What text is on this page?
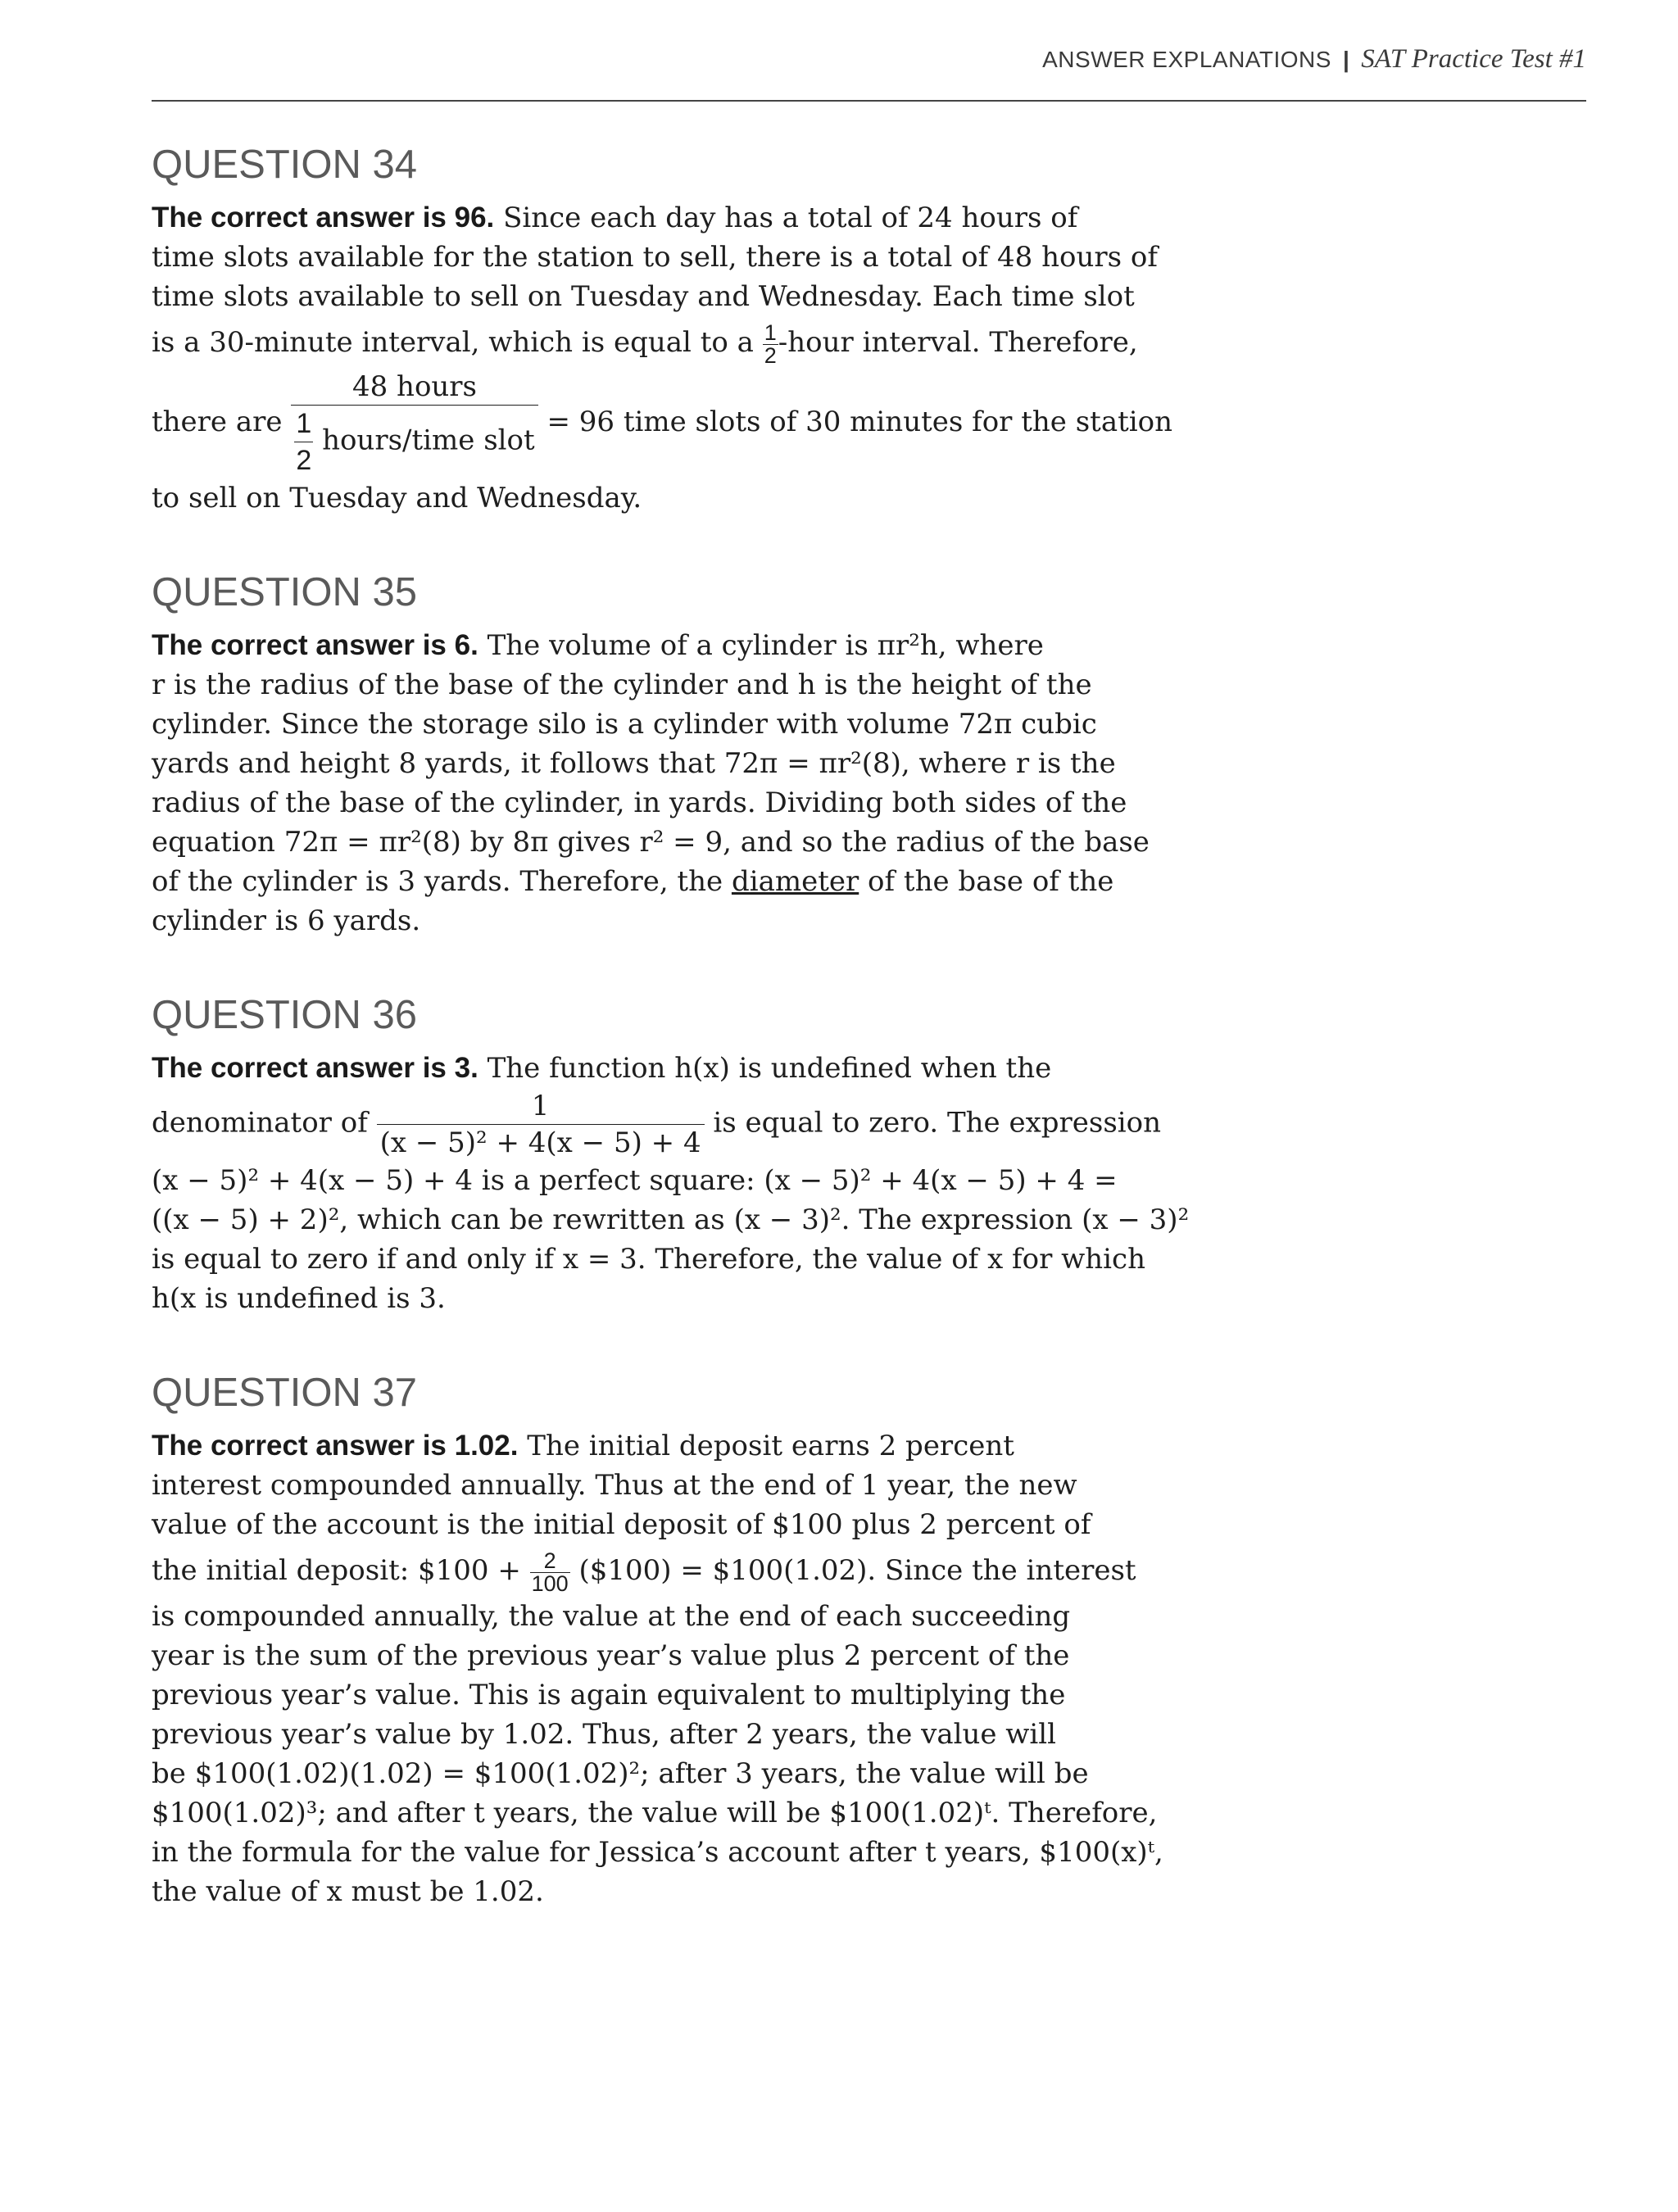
ANSWER EXPLANATIONS | SAT Practice Test #1
QUESTION 34
The correct answer is 96. Since each day has a total of 24 hours of
time slots available for the station to sell, there is a total of 48 hours of
time slots available to sell on Tuesday and Wednesday. Each time slot
is a 30-minute interval, which is equal to a $\frac{1}{2}$ -hour interval. Therefore,
there are $\frac{\text{48 hours}}{\frac{1}{2} hours/time slot} = 96$ time slots of 30 minutes for the station
to sell on Tuesday and Wednesday.
QUESTION 35
The correct answer is 6. The volume of a cylinder is πr²h, where
r is the radius of the base of the cylinder and h is the height of the
cylinder. Since the storage silo is a cylinder with volume 72π cubic
yards and height 8 yards, it follows that 72π = πr²(8), where r is the
radius of the base of the cylinder, in yards. Dividing both sides of the
equation 72π = πr²(8) by 8π gives r² = 9, and so the radius of the base
of the cylinder is 3 yards. Therefore, the diameter of the base of the
cylinder is 6 yards.
QUESTION 36
The correct answer is 3. The function h(x) is undefined when the
denominator of $\frac{1}{\text{(x − 5)² + 4(x − 5) + 4}}$ is equal to zero. The expression
(x − 5)² + 4(x − 5) + 4 is a perfect square: (x − 5)² + 4(x − 5) + 4 =
((x − 5) + 2)², which can be rewritten as (x − 3)². The expression (x − 3)²
is equal to zero if and only if x = 3. Therefore, the value of x for which
h(x is undefined is 3.
QUESTION 37
The correct answer is 1.02. The initial deposit earns 2 percent
interest compounded annually. Thus at the end of 1 year, the new
value of the account is the initial deposit of $100 plus 2 percent of
the initial deposit: $100 + $\frac{2}{100}$ ($100) = $100(1.02). Since the interest
is compounded annually, the value at the end of each succeeding
year is the sum of the previous year’s value plus 2 percent of the
previous year’s value. This is again equivalent to multiplying the
previous year’s value by 1.02. Thus, after 2 years, the value will
be $100(1.02)(1.02) = $100(1.02)²; after 3 years, the value will be
$100(1.02)³; and after t years, the value will be $100(1.02)ᵗ. Therefore,
in the formula for the value for Jessica’s account after t years, $100(x)ᵗ,
the value of x must be 1.02.
